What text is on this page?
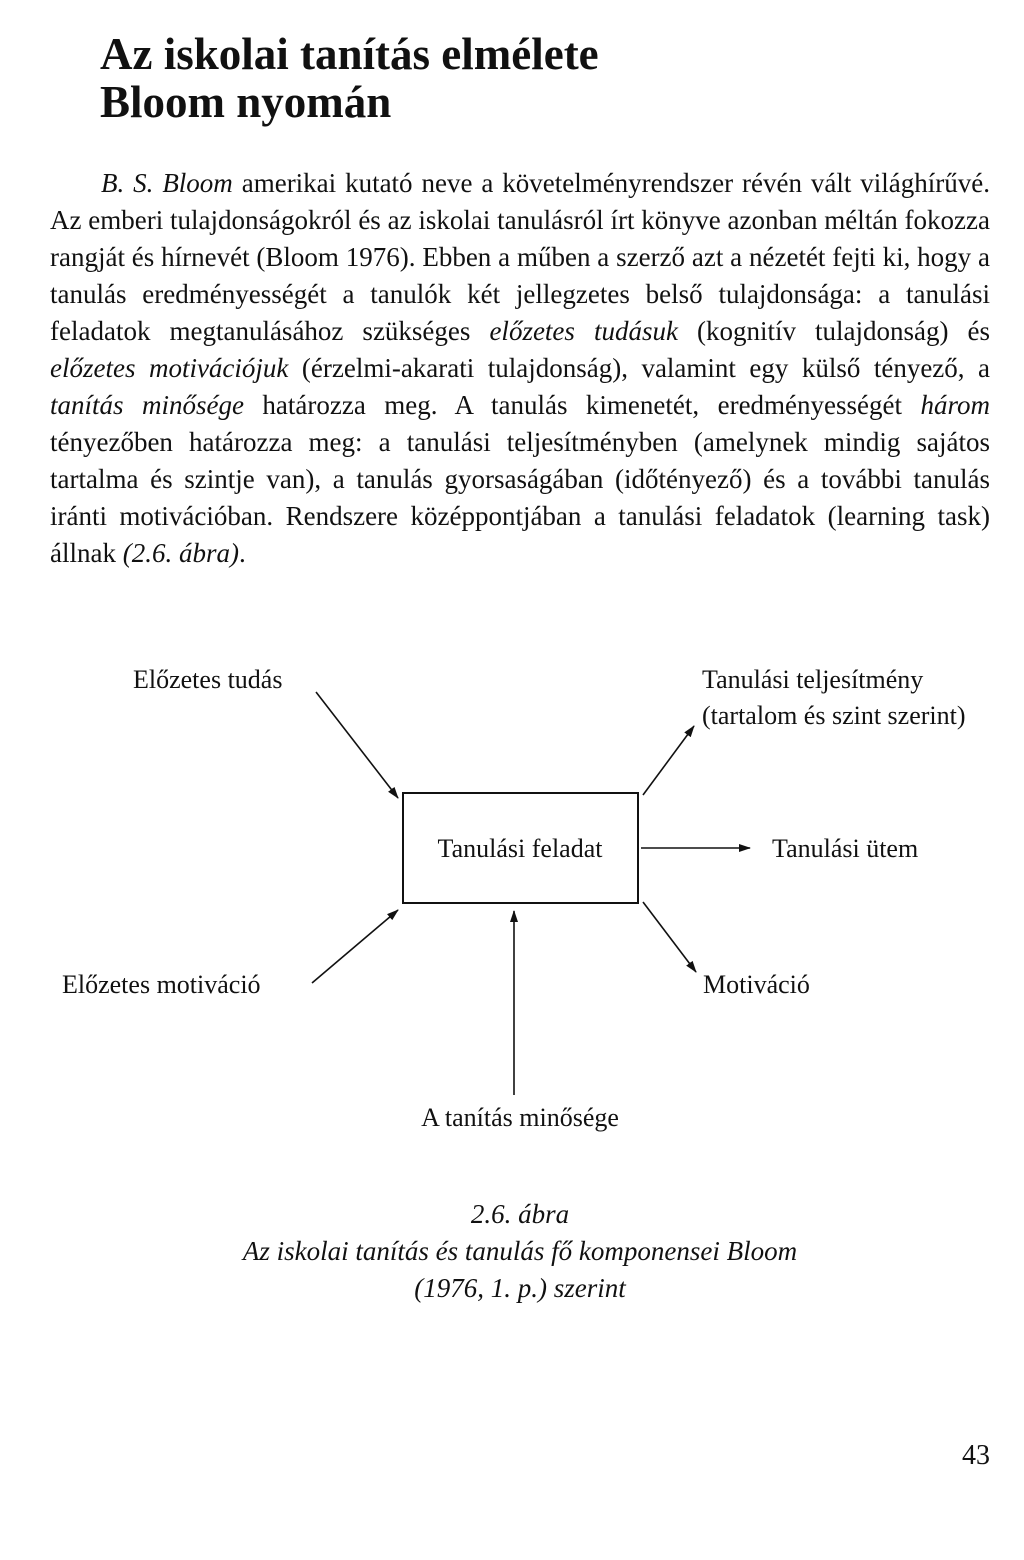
Az iskolai tanítás elmélete
Bloom nyomán

B. S. Bloom amerikai kutató neve a követelményrendszer révén vált világhírűvé. Az emberi tulajdonságokról és az iskolai tanulásról írt könyve azonban méltán fokozza rangját és hírnevét (Bloom 1976). Ebben a műben a szerző azt a nézetét fejti ki, hogy a tanulás eredményességét a tanulók két jellegzetes belső tulajdonsága: a tanulási feladatok megtanulásához szükséges előzetes tudásuk (kognitív tulajdonság) és előzetes motivációjuk (érzelmi-akarati tulajdonság), valamint egy külső tényező, a tanítás minősége határozza meg. A tanulás kimenetét, eredményességét három tényezőben határozza meg: a tanulási teljesítményben (amelynek mindig sajátos tartalma és szintje van), a tanulás gyorsaságában (időtényező) és a további tanulás iránti motivációban. Rendszere középpontjában a tanulási feladatok (learning task) állnak (2.6. ábra).

Előzetes tudás	Tanulási teljesítmény
(tartalom és szint szerint)
Tanulási feladat	Tanulási ütem
Előzetes motiváció	Motiváció
A tanítás minősége
2.6. ábra
Az iskolai tanítás és tanulás fő komponensei Bloom
(1976, 1. p.) szerint
43
